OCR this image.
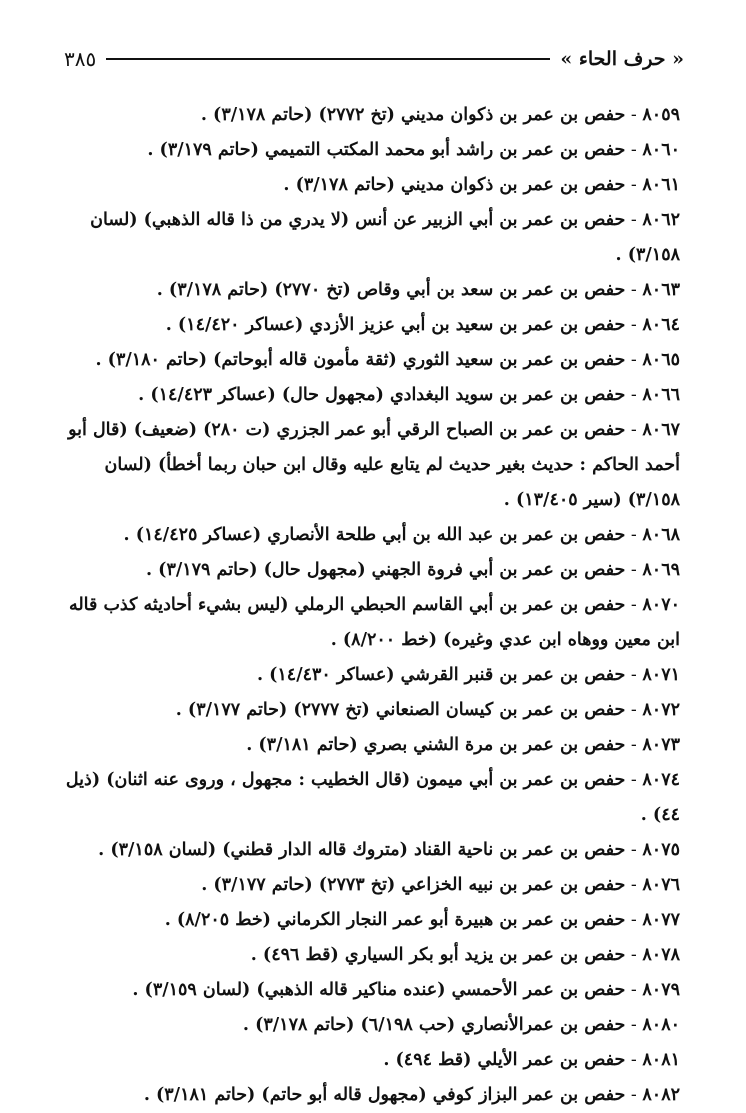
٣٨٥	« حرف الحاء »

٨٠٥٩ - حفص بن عمر بن ذكوان مديني (تخ ٢٧٧٢) (حاتم ٣/١٧٨) .

٨٠٦٠ - حفص بن عمر بن راشد أبو محمد المكتب التميمي (حاتم ٣/١٧٩) .

٨٠٦١ - حفص بن عمر بن ذكوان مديني (حاتم ٣/١٧٨) .

٨٠٦٢ - حفص بن عمر بن أبي الزبير عن أنس (لا يدري من ذا قاله الذهبي) (لسان ٣/١٥٨) .

٨٠٦٣ - حفص بن عمر بن سعد بن أبي وقاص (تخ ٢٧٧٠) (حاتم ٣/١٧٨) .

٨٠٦٤ - حفص بن عمر بن سعيد بن أبي عزيز الأزدي (عساكر ١٤/٤٢٠) .

٨٠٦٥ - حفص بن عمر بن سعيد الثوري (ثقة مأمون قاله أبوحاتم) (حاتم ٣/١٨٠) .

٨٠٦٦ - حفص بن عمر بن سويد البغدادي (مجهول حال) (عساكر ١٤/٤٢٣) .

٨٠٦٧ - حفص بن عمر بن الصباح الرقي أبو عمر الجزري (ت ٢٨٠) (ضعيف) (قال أبو أحمد الحاكم : حديث بغير حديث لم يتابع عليه وقال ابن حبان ربما أخطأ) (لسان ٣/١٥٨) (سير ١٣/٤٠٥) .

٨٠٦٨ - حفص بن عمر بن عبد الله بن أبي طلحة الأنصاري (عساكر ١٤/٤٢٥) .

٨٠٦٩ - حفص بن عمر بن أبي فروة الجهني (مجهول حال) (حاتم ٣/١٧٩) .

٨٠٧٠ - حفص بن عمر بن أبي القاسم الحبطي الرملي (ليس بشيء أحاديثه كذب قاله ابن معين ووهاه ابن عدي وغيره) (خط ٨/٢٠٠) .

٨٠٧١ - حفص بن عمر بن قنبر القرشي (عساكر ١٤/٤٣٠) .

٨٠٧٢ - حفص بن عمر بن كيسان الصنعاني (تخ ٢٧٧٧) (حاتم ٣/١٧٧) .

٨٠٧٣ - حفص بن عمر بن مرة الشني بصري (حاتم ٣/١٨١) .

٨٠٧٤ - حفص بن عمر بن أبي ميمون (قال الخطيب : مجهول ، وروى عنه اثنان) (ذيل ٤٤) .

٨٠٧٥ - حفص بن عمر بن ناحية القناد (متروك قاله الدار قطني) (لسان ٣/١٥٨) .

٨٠٧٦ - حفص بن عمر بن نبيه الخزاعي (تخ ٢٧٧٣) (حاتم ٣/١٧٧) .

٨٠٧٧ - حفص بن عمر بن هبيرة أبو عمر النجار الكرماني (خط ٨/٢٠٥) .

٨٠٧٨ - حفص بن عمر بن يزيد أبو بكر السياري (قط ٤٩٦) .

٨٠٧٩ - حفص بن عمر الأحمسي (عنده مناكير قاله الذهبي) (لسان ٣/١٥٩) .

٨٠٨٠ - حفص بن عمرالأنصاري (حب ٦/١٩٨) (حاتم ٣/١٧٨) .

٨٠٨١ - حفص بن عمر الأيلي (قط ٤٩٤) .

٨٠٨٢ - حفص بن عمر البزاز كوفي (مجهول قاله أبو حاتم) (حاتم ٣/١٨١) .
